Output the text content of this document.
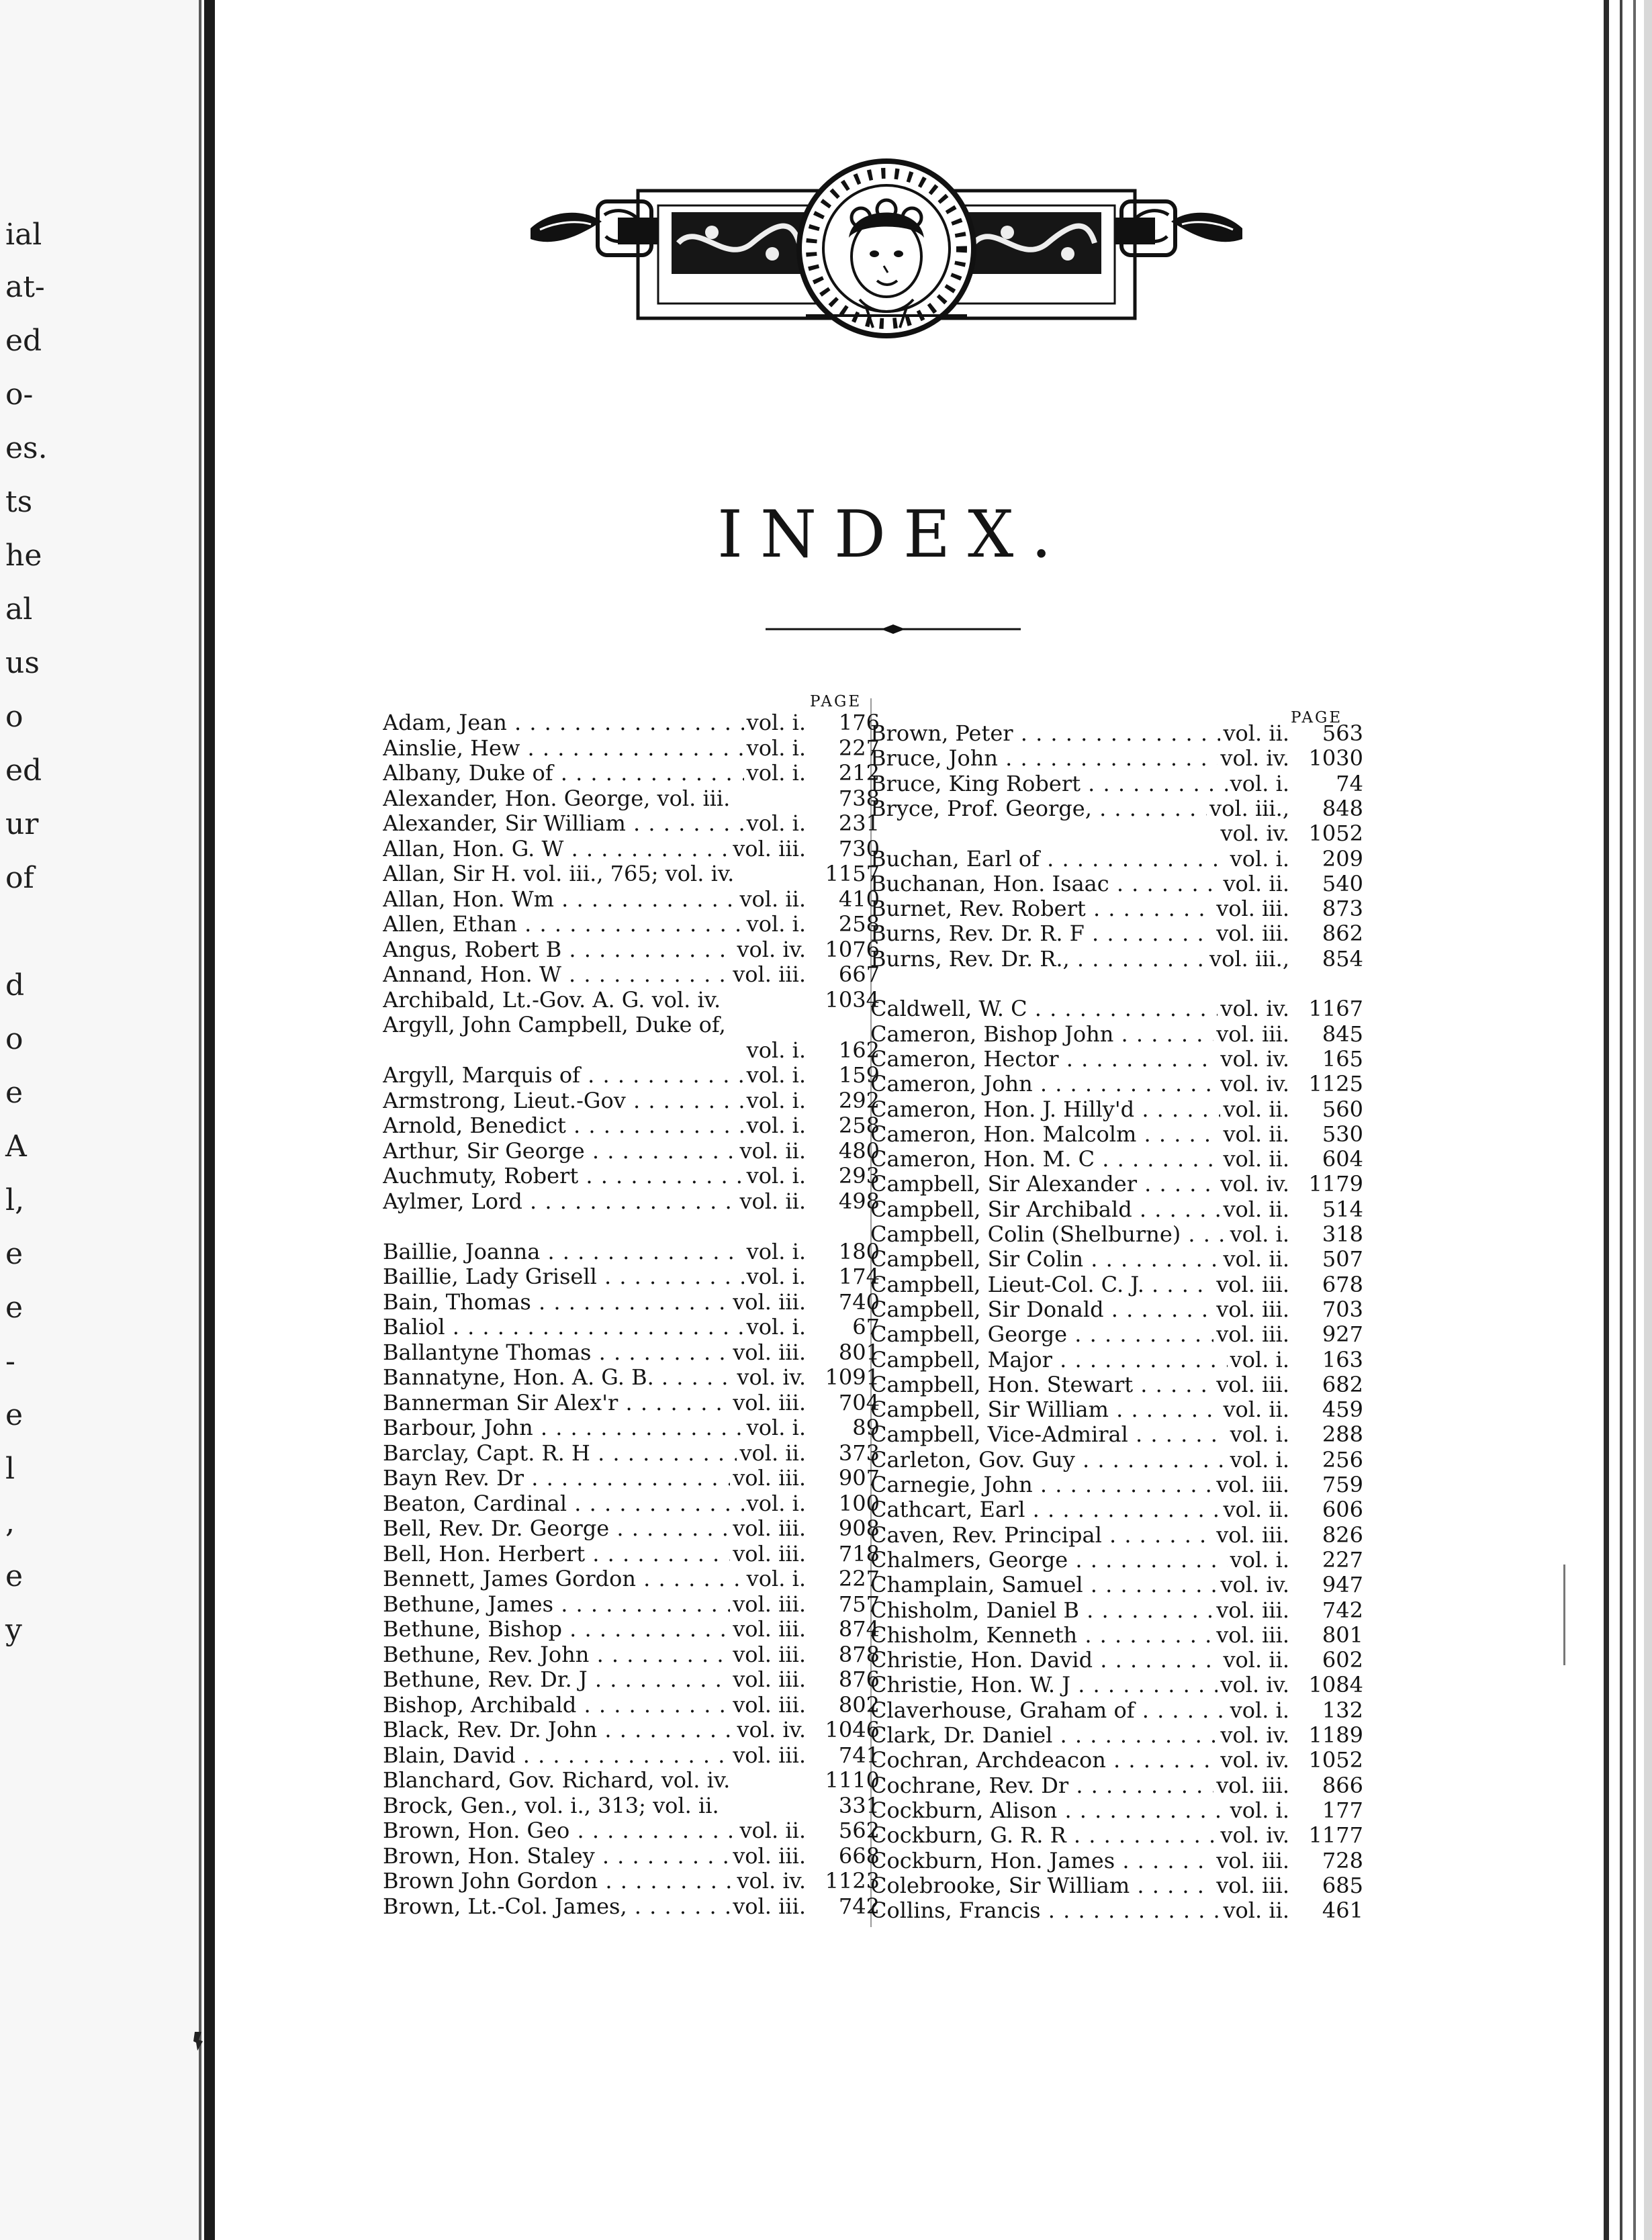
ial
at-
ed
o-
es.
ts
he
al
us
o
ed
ur
of
d
o
e
A
l,
e
e
-
e
l
,
e
y
INDEX.
PAGE
PAGE
Adam, Jean . . .	vol. i.	176
Ainslie, Hew . . .	vol. i.	227
Albany, Duke of . . .	vol. i.	212
Alexander, Hon. George, vol. iii.	738
Alexander, Sir William . . .	vol. i.	231
Allan, Hon. G. W . . .	vol. iii.	730
Allan, Sir H. vol. iii., 765; vol. iv.	1157
Allan, Hon. Wm . . .	vol. ii.	410
Allen, Ethan . . .	vol. i.	258
Angus, Robert B . . .	vol. iv. 1076
Annand, Hon. W . . .	vol. iii.	667
Archibald, Lt.-Gov. A. G. vol. iv.	1034
Argyll, John Campbell, Duke of,
vol. i.	162
Argyll, Marquis of . . .	vol. i.	159
Armstrong, Lieut.-Gov . . .	vol. i.	292
Arnold, Benedict . . .	vol. i.	258
Arthur, Sir George . . .	vol. ii.	480
Auchmuty, Robert . . .	vol. i.	293
Aylmer, Lord . . .	vol. ii.	498
Baillie, Joanna . . .	vol. i.	180
Baillie, Lady Grisell . . .	vol. i.	174
Bain, Thomas . . .	vol. iii.	740
Baliol . . .	vol. i.	67
Ballantyne Thomas . . .	vol. iii.	801
Bannatyne, Hon. A. G. B. . . .	vol. iv. 1091
Bannerman Sir Alex'r . . .	vol. iii.	704
Barbour, John . . .	vol. i.	89
Barclay, Capt. R. H . . .	vol. ii.	373
Bayn Rev. Dr . . .	vol. iii.	907
Beaton, Cardinal . . .	vol. i.	100
Bell, Rev. Dr. George . . .	vol. iii.	908
Bell, Hon. Herbert . . .	vol. iii.	718
Bennett, James Gordon . . .	vol. i.	227
Bethune, James . . .	vol. iii.	757
Bethune, Bishop . . .	vol. iii.	874
Bethune, Rev. John . . .	vol. iii.	878
Bethune, Rev. Dr. J . . .	vol. iii.	876
Bishop, Archibald . . .	vol. iii.	802
Black, Rev. Dr. John . . .	vol. iv. 1046
Blain, David . . .	vol. iii.	741
Blanchard, Gov. Richard, vol. iv.	1110
Brock, Gen., vol. i., 313; vol. ii.	331
Brown, Hon. Geo . . .	vol. ii.	562
Brown, Hon. Staley . . .	vol. iii.	668
Brown John Gordon . . .	vol. iv. 1123
Brown, Lt.-Col. James, . . .	vol. iii.	742
Brown, Peter . . .	vol. ii.	563
Bruce, John . . .	vol. iv. 1030
Bruce, King Robert . . .	vol. i.	74
Bryce, Prof. George, . . .	vol. iii.,	848
vol. iv. 1052
Buchan, Earl of . . .	vol. i.	209
Buchanan, Hon. Isaac . . .	vol. ii.	540
Burnet, Rev. Robert . . .	vol. iii.	873
Burns, Rev. Dr. R. F . . .	vol. iii.	862
Burns, Rev. Dr. R., . . .	vol. iii.,	854
Caldwell, W. C . . .	vol. iv. 1167
Cameron, Bishop John . . .	vol. iii.	845
Cameron, Hector . . .	vol. iv.	165
Cameron, John . . .	vol. iv. 1125
Cameron, Hon. J. Hilly'd . . .	vol. ii.	560
Cameron, Hon. Malcolm . . .	vol. ii.	530
Cameron, Hon. M. C . . .	vol. ii.	604
Campbell, Sir Alexander . . .	vol. iv. 1179
Campbell, Sir Archibald . . .	vol. ii.	514
Campbell, Colin (Shelburne) . . .	vol. i.	318
Campbell, Sir Colin . . .	vol. ii.	507
Campbell, Lieut-Col. C. J. . . .	vol. iii.	678
Campbell, Sir Donald . . .	vol. iii.	703
Campbell, George . . .	vol. iii.	927
Campbell, Major . . .	vol. i.	163
Campbell, Hon. Stewart . . .	vol. iii.	682
Campbell, Sir William . . .	vol. ii.	459
Campbell, Vice-Admiral . . .	vol. i.	288
Carleton, Gov. Guy . . .	vol. i.	256
Carnegie, John . . .	vol. iii.	759
Cathcart, Earl . . .	vol. ii.	606
Caven, Rev. Principal . . .	vol. iii.	826
Chalmers, George . . .	vol. i.	227
Champlain, Samuel . . .	vol. iv.	947
Chisholm, Daniel B . . .	vol. iii.	742
Chisholm, Kenneth . . .	vol. iii.	801
Christie, Hon. David . . .	vol. ii.	602
Christie, Hon. W. J . . .	vol. iv. 1084
Claverhouse, Graham of . . .	vol. i.	132
Clark, Dr. Daniel . . .	vol. iv. 1189
Cochran, Archdeacon . . .	vol. iv. 1052
Cochrane, Rev. Dr . . .	vol. iii.	866
Cockburn, Alison . . .	vol. i.	177
Cockburn, G. R. R . . .	vol. iv. 1177
Cockburn, Hon. James . . .	vol. iii.	728
Colebrooke, Sir William . . .	vol. iii.	685
Collins, Francis . . .	vol. ii.	461
